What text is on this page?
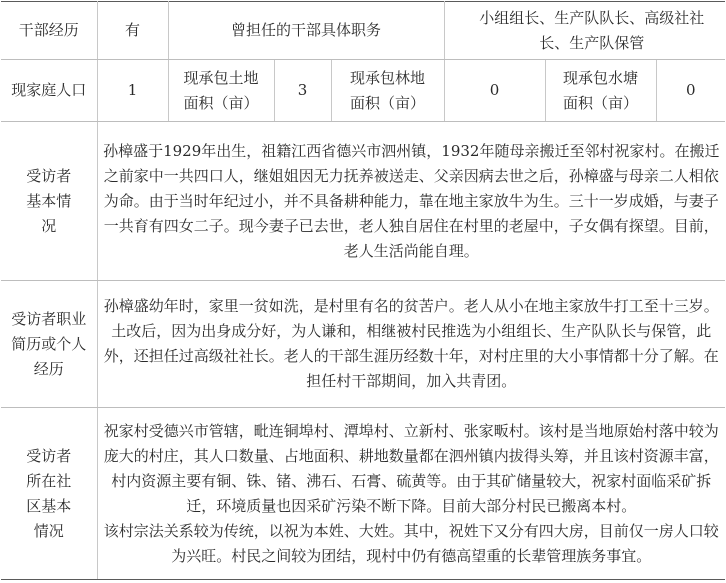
干部经历	有	曾担任的干部具体职务			小组组长、生产队队长、高级社社长、生产队保管		
现家庭人口	1	现承包土地面积（亩）	3	现承包林地面积（亩）	0	现承包水塘面积（亩）	0
受访者基本情况	孙樟盛于1929年出生，祖籍江西省德兴市泗州镇，1932年随母亲搬迁至邻村祝家村。在搬迁之前家中一共四口人，继姐姐因无力抚养被送走、父亲因病去世之后，孙樟盛与母亲二人相依为命。由于当时年纪过小，并不具备耕种能力，靠在地主家放牛为生。三十一岁成婚，与妻子一共育有四女二子。现今妻子已去世，老人独自居住在村里的老屋中，子女偶有探望。目前，老人生活尚能自理。						
受访者职业简历或个人经历	孙樟盛幼年时，家里一贫如洗，是村里有名的贫苦户。老人从小在地主家放牛打工至十三岁。土改后，因为出身成分好，为人谦和，相继被村民推选为小组组长、生产队队长与保管，此外，还担任过高级社社长。老人的干部生涯历经数十年，对村庄里的大小事情都十分了解。在担任村干部期间，加入共青团。						
受访者所在社区基本情况	祝家村受德兴市管辖，毗连铜埠村、潭埠村、立新村、张家畈村。该村是当地原始村落中较为庞大的村庄，其人口数量、占地面积、耕地数量都在泗州镇内拔得头筹，并且该村资源丰富，村内资源主要有铜、铢、锗、沸石、石膏、硫黄等。由于其矿储量较大，祝家村面临采矿拆迁，环境质量也因采矿污染不断下降。目前大部分村民已搬离本村。
该村宗法关系较为传统，以祝为本姓、大姓。其中，祝姓下又分有四大房，目前仅一房人口较为兴旺。村民之间较为团结，现村中仍有德高望重的长辈管理族务事宜。						
